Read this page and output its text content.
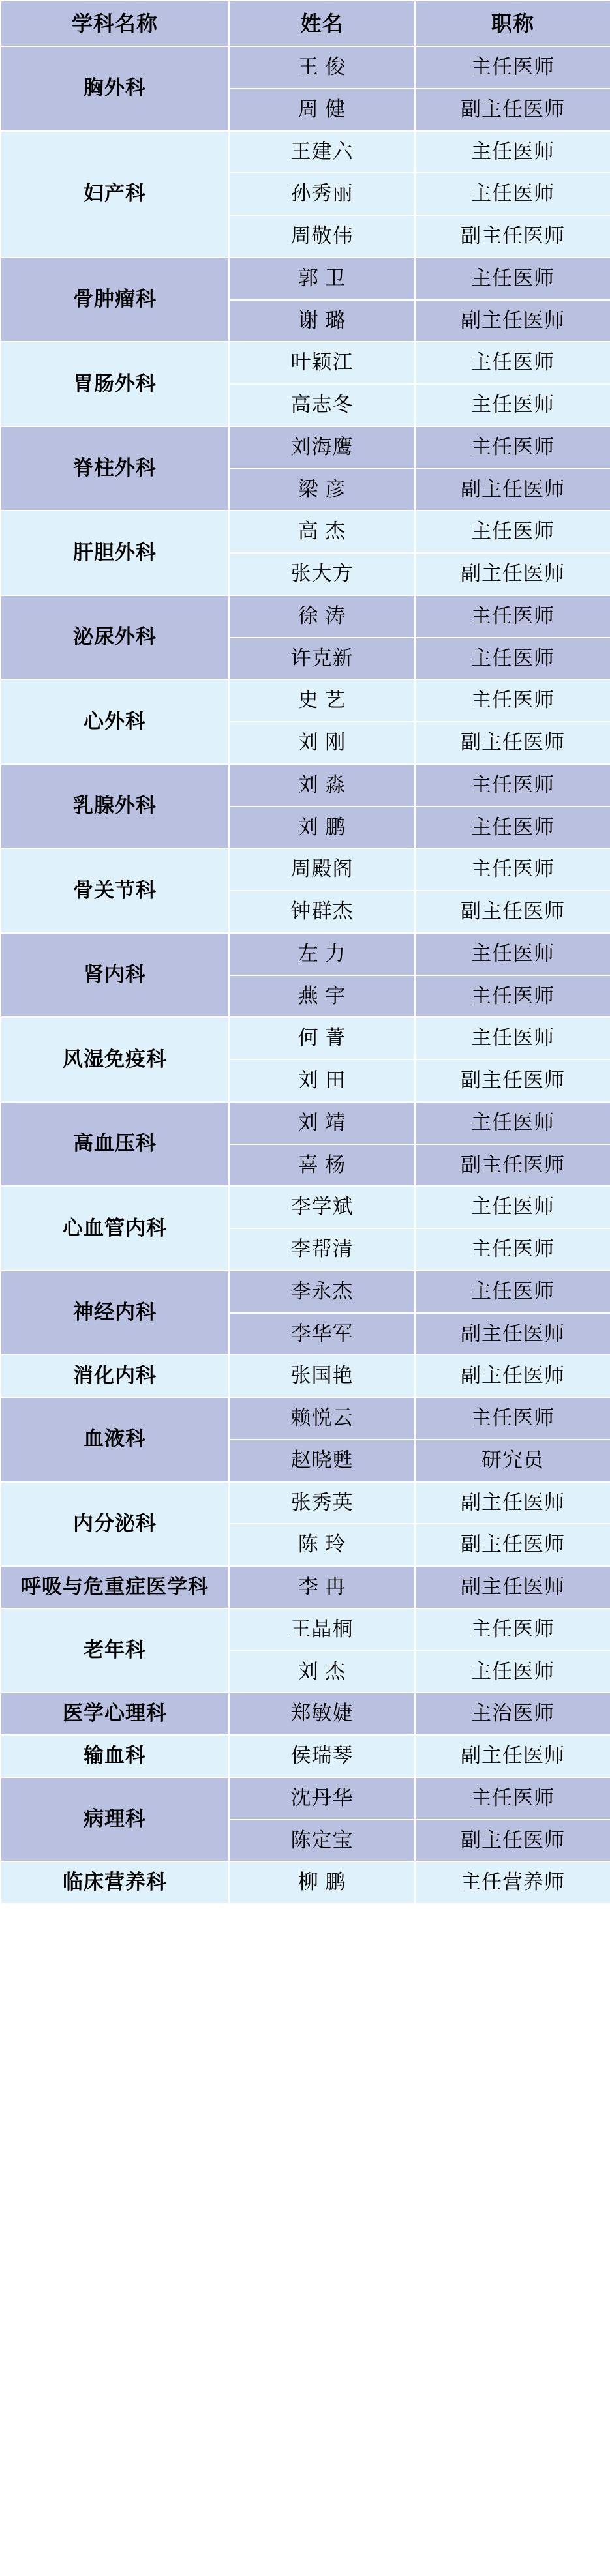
学科名称	姓名	职称
胸外科	王 俊	主任医师
	周 健	副主任医师
妇产科	王建六	主任医师
	孙秀丽	主任医师
	周敬伟	副主任医师
骨肿瘤科	郭 卫	主任医师
	谢 璐	副主任医师
胃肠外科	叶颖江	主任医师
	高志冬	主任医师
脊柱外科	刘海鹰	主任医师
	梁 彦	副主任医师
肝胆外科	高 杰	主任医师
	张大方	副主任医师
泌尿外科	徐 涛	主任医师
	许克新	主任医师
心外科	史 艺	主任医师
	刘 刚	副主任医师
乳腺外科	刘 淼	主任医师
	刘 鹏	主任医师
骨关节科	周殿阁	主任医师
	钟群杰	副主任医师
肾内科	左 力	主任医师
	燕 宇	主任医师
风湿免疫科	何 菁	主任医师
	刘 田	副主任医师
高血压科	刘 靖	主任医师
	喜 杨	副主任医师
心血管内科	李学斌	主任医师
	李帮清	主任医师
神经内科	李永杰	主任医师
	李华军	副主任医师
消化内科	张国艳	副主任医师
血液科	赖悦云	主任医师
	赵晓甦	研究员
内分泌科	张秀英	副主任医师
	陈 玲	副主任医师
呼吸与危重症医学科	李 冉	副主任医师
老年科	王晶桐	主任医师
	刘 杰	主任医师
医学心理科	郑敏婕	主治医师
输血科	侯瑞琴	副主任医师
病理科	沈丹华	主任医师
	陈定宝	副主任医师
临床营养科	柳 鹏	主任营养师
